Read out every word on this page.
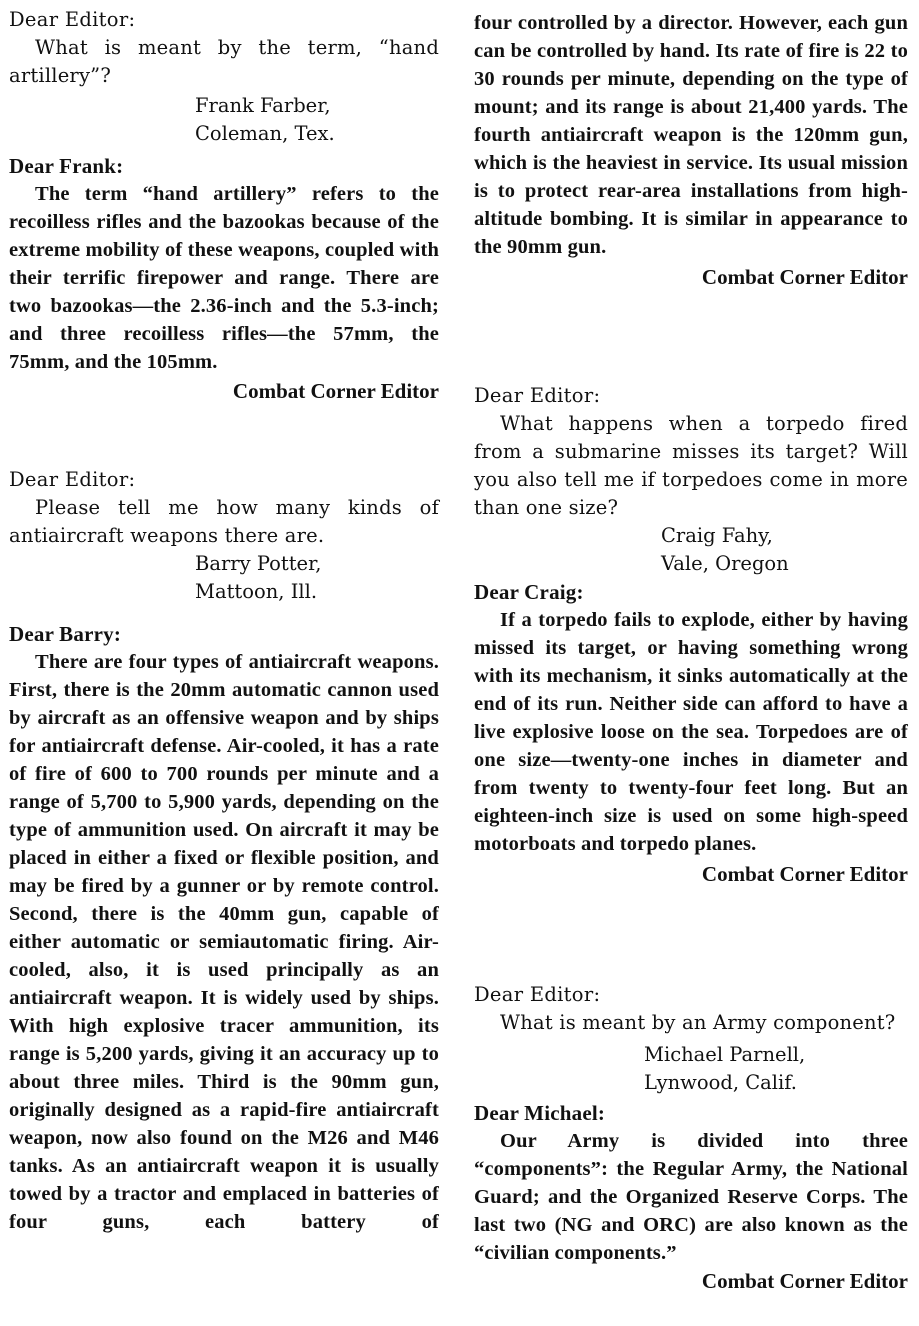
Dear Editor:

What is meant by the term, “hand artillery”?

Frank Farber,

Coleman, Tex.

Dear Frank:

The term “hand artillery” refers to the recoilless rifles and the bazookas because of the extreme mobility of these weapons, coupled with their terrific firepower and range. There are two bazookas—the 2.36-inch and the 5.3-inch; and three recoilless rifles—the 57mm, the 75mm, and the 105mm.

Combat Corner Editor

Dear Editor:

Please tell me how many kinds of antiaircraft weapons there are.

Barry Potter,

Mattoon, Ill.

Dear Barry:

There are four types of antiaircraft weapons. First, there is the 20mm automatic cannon used by aircraft as an offensive weapon and by ships for antiaircraft defense. Air-cooled, it has a rate of fire of 600 to 700 rounds per minute and a range of 5,700 to 5,900 yards, depending on the type of ammunition used. On aircraft it may be placed in either a fixed or flexible position, and may be fired by a gunner or by remote control. Second, there is the 40mm gun, capable of either automatic or semiautomatic firing. Air-cooled, also, it is used principally as an antiaircraft weapon. It is widely used by ships. With high explosive tracer ammunition, its range is 5,200 yards, giving it an accuracy up to about three miles. Third is the 90mm gun, originally designed as a rapid-fire antiaircraft weapon, now also found on the M26 and M46 tanks. As an antiaircraft weapon it is usually towed by a tractor and emplaced in batteries of four guns, each battery of

four controlled by a director. However, each gun can be controlled by hand. Its rate of fire is 22 to 30 rounds per minute, depending on the type of mount; and its range is about 21,400 yards. The fourth antiaircraft weapon is the 120mm gun, which is the heaviest in service. Its usual mission is to protect rear-area installations from high-altitude bombing. It is similar in appearance to the 90mm gun.

Combat Corner Editor

Dear Editor:

What happens when a torpedo fired from a submarine misses its target? Will you also tell me if torpedoes come in more than one size?

Craig Fahy,

Vale, Oregon

Dear Craig:

If a torpedo fails to explode, either by having missed its target, or having something wrong with its mechanism, it sinks automatically at the end of its run. Neither side can afford to have a live explosive loose on the sea. Torpedoes are of one size—twenty-one inches in diameter and from twenty to twenty-four feet long. But an eighteen-inch size is used on some high-speed motorboats and torpedo planes.

Combat Corner Editor

Dear Editor:

What is meant by an Army component?

Michael Parnell,

Lynwood, Calif.

Dear Michael:

Our Army is divided into three “components”: the Regular Army, the National Guard; and the Organized Reserve Corps. The last two (NG and ORC) are also known as the “civilian components.”

Combat Corner Editor
